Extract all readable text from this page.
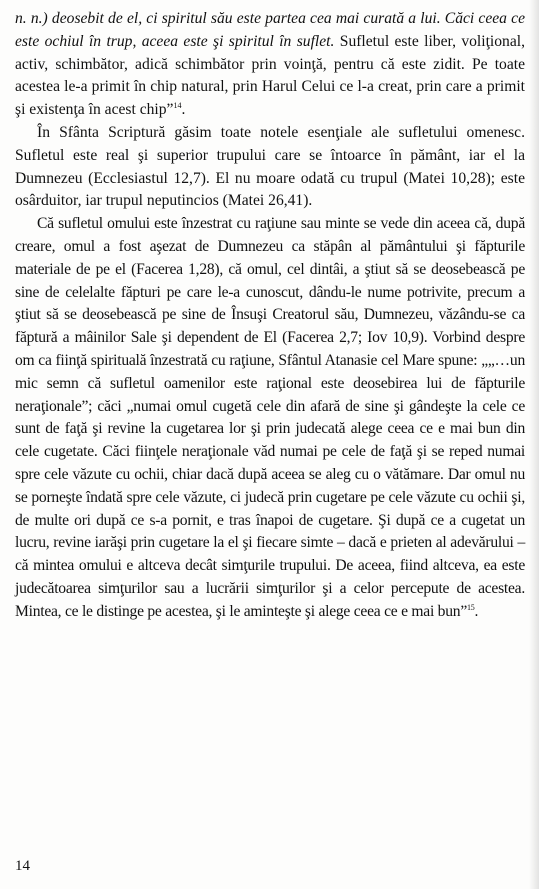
n. n.) deosebit de el, ci spiritul său este partea cea mai curată a lui. Căci ceea ce este ochiul în trup, aceea este şi spiritul în suflet. Sufletul este liber, voliţional, activ, schimbător, adică schimbător prin voinţă, pentru că este zidit. Pe toate acestea le-a primit în chip natural, prin Harul Celui ce l-a creat, prin care a primit şi existenţa în acest chip”$^{14}$.

În Sfânta Scriptură găsim toate notele esenţiale ale sufletului omenesc. Sufletul este real şi superior trupului care se întoarce în pământ, iar el la Dumnezeu (Ecclesiastul 12,7). El nu moare odată cu trupul (Matei 10,28); este osârduitor, iar trupul neputincios (Matei 26,41).

Că sufletul omului este înzestrat cu raţiune sau minte se vede din aceea că, după creare, omul a fost aşezat de Dumnezeu ca stăpân al pământului şi făpturile materiale de pe el (Facerea 1,28), că omul, cel dintâi, a ştiut să se deosebească pe sine de celelalte făpturi pe care le-a cunoscut, dându-le nume potrivite, precum a ştiut să se deosebească pe sine de Însuşi Creatorul său, Dumnezeu, văzându-se ca făptură a mâinilor Sale şi dependent de El (Facerea 2,7; Iov 10,9). Vorbind despre om ca fiinţă spirituală înzestrată cu raţiune, Sfântul Atanasie cel Mare spune: „„…un mic semn că sufletul oamenilor este raţional este deosebirea lui de făpturile neraţionale”; căci „numai omul cugetă cele din afară de sine şi gândeşte la cele ce sunt de faţă şi revine la cugetarea lor şi prin judecată alege ceea ce e mai bun din cele cugetate. Căci fiinţele neraţionale văd numai pe cele de faţă şi se reped numai spre cele văzute cu ochii, chiar dacă după aceea se aleg cu o vătămare. Dar omul nu se porneşte îndată spre cele văzute, ci judecă prin cugetare pe cele văzute cu ochii şi, de multe ori după ce s-a pornit, e tras înapoi de cugetare. Şi după ce a cugetat un lucru, revine iarăşi prin cugetare la el şi fiecare simte – dacă e prieten al adevărului – că mintea omului e altceva decât simţurile trupului. De aceea, fiind altceva, ea este judecătoarea simţurilor sau a lucrării simţurilor şi a celor percepute de acestea. Mintea, ce le distinge pe acestea, şi le aminteşte şi alege ceea ce e mai bun”$^{15}$.

14
